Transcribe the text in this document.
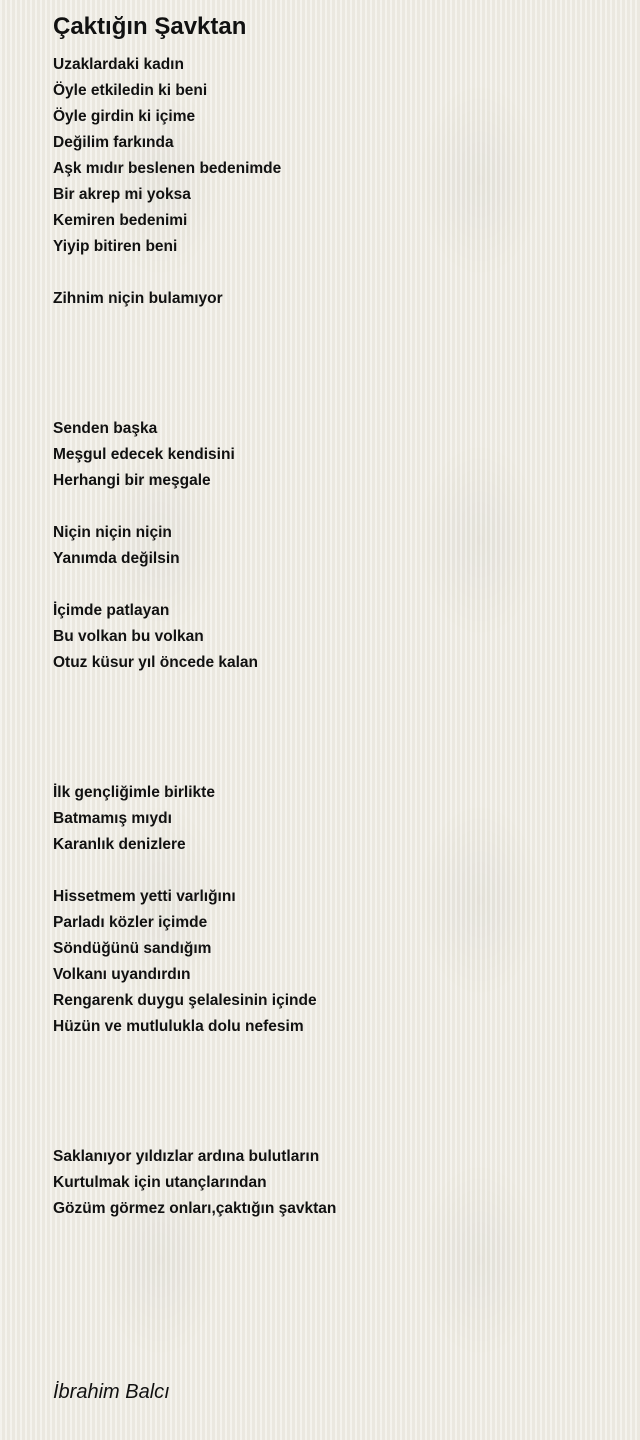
Çaktığın Şavktan
Uzaklardaki kadın
Öyle etkiledin ki beni
Öyle girdin ki içime
Değilim farkında
Aşk mıdır beslenen bedenimde
Bir akrep mi yoksa
Kemiren bedenimi
Yiyip bitiren beni
Zihnim niçin bulamıyor
Senden başka
Meşgul edecek kendisini
Herhangi bir meşgale
Niçin niçin niçin
Yanımda değilsin
İçimde patlayan
Bu volkan bu volkan
Otuz küsur yıl öncede kalan
İlk gençliğimle birlikte
Batmamış mıydı
Karanlık denizlere
Hissetmem yetti varlığını
Parladı közler içimde
Söndüğünü sandığım
Volkanı uyandırdın
Rengarenk duygu şelalesinin içinde
Hüzün ve mutlulukla dolu nefesim
Saklanıyor yıldızlar ardına bulutların
Kurtulmak için utançlarından
Gözüm görmez onları,çaktığın şavktan
İbrahim Balcı
